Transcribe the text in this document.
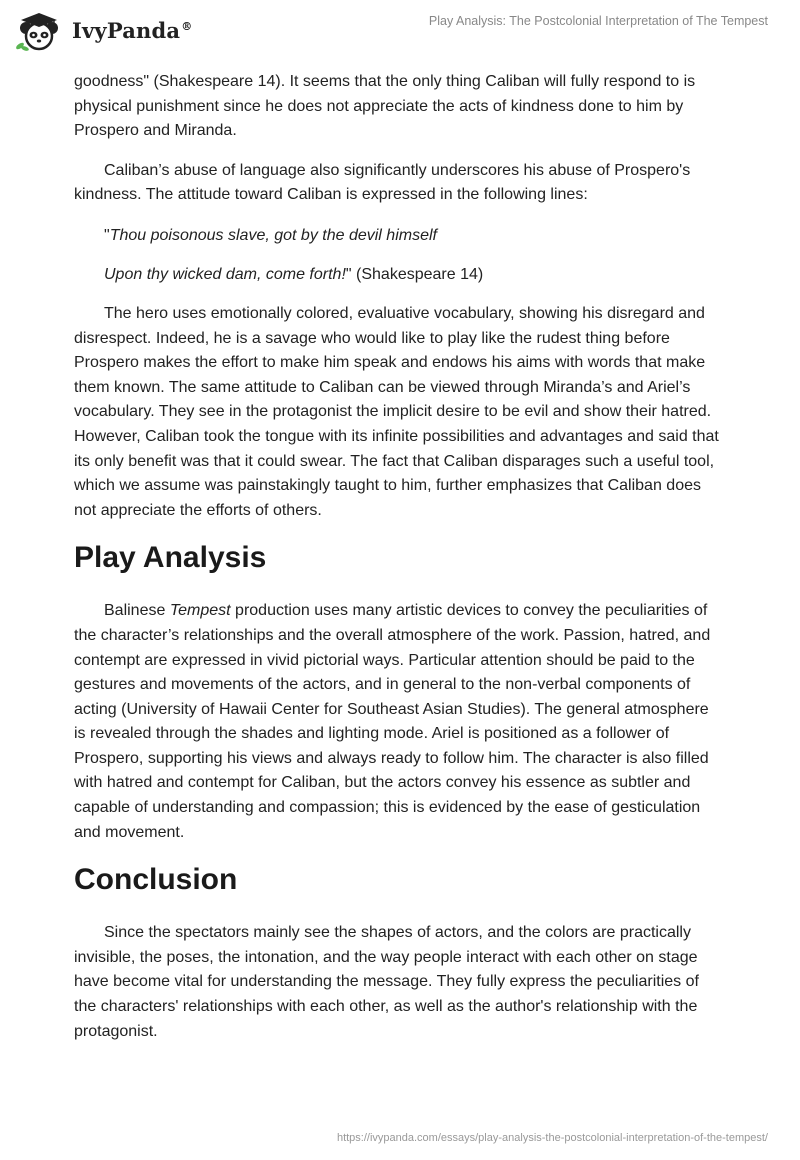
IvyPanda®	Play Analysis: The Postcolonial Interpretation of The Tempest

goodness" (Shakespeare 14). It seems that the only thing Caliban will fully respond to is physical punishment since he does not appreciate the acts of kindness done to him by Prospero and Miranda.

Caliban’s abuse of language also significantly underscores his abuse of Prospero's kindness. The attitude toward Caliban is expressed in the following lines:

"Thou poisonous slave, got by the devil himself

Upon thy wicked dam, come forth!" (Shakespeare 14)

The hero uses emotionally colored, evaluative vocabulary, showing his disregard and disrespect. Indeed, he is a savage who would like to play like the rudest thing before Prospero makes the effort to make him speak and endows his aims with words that make them known. The same attitude to Caliban can be viewed through Miranda’s and Ariel’s vocabulary. They see in the protagonist the implicit desire to be evil and show their hatred. However, Caliban took the tongue with its infinite possibilities and advantages and said that its only benefit was that it could swear. The fact that Caliban disparages such a useful tool, which we assume was painstakingly taught to him, further emphasizes that Caliban does not appreciate the efforts of others.

Play Analysis

Balinese Tempest production uses many artistic devices to convey the peculiarities of the character’s relationships and the overall atmosphere of the work. Passion, hatred, and contempt are expressed in vivid pictorial ways. Particular attention should be paid to the gestures and movements of the actors, and in general to the non-verbal components of acting (University of Hawaii Center for Southeast Asian Studies). The general atmosphere is revealed through the shades and lighting mode. Ariel is positioned as a follower of Prospero, supporting his views and always ready to follow him. The character is also filled with hatred and contempt for Caliban, but the actors convey his essence as subtler and capable of understanding and compassion; this is evidenced by the ease of gesticulation and movement.

Conclusion

Since the spectators mainly see the shapes of actors, and the colors are practically invisible, the poses, the intonation, and the way people interact with each other on stage have become vital for understanding the message. They fully express the peculiarities of the characters' relationships with each other, as well as the author's relationship with the protagonist.

https://ivypanda.com/essays/play-analysis-the-postcolonial-interpretation-of-the-tempest/
